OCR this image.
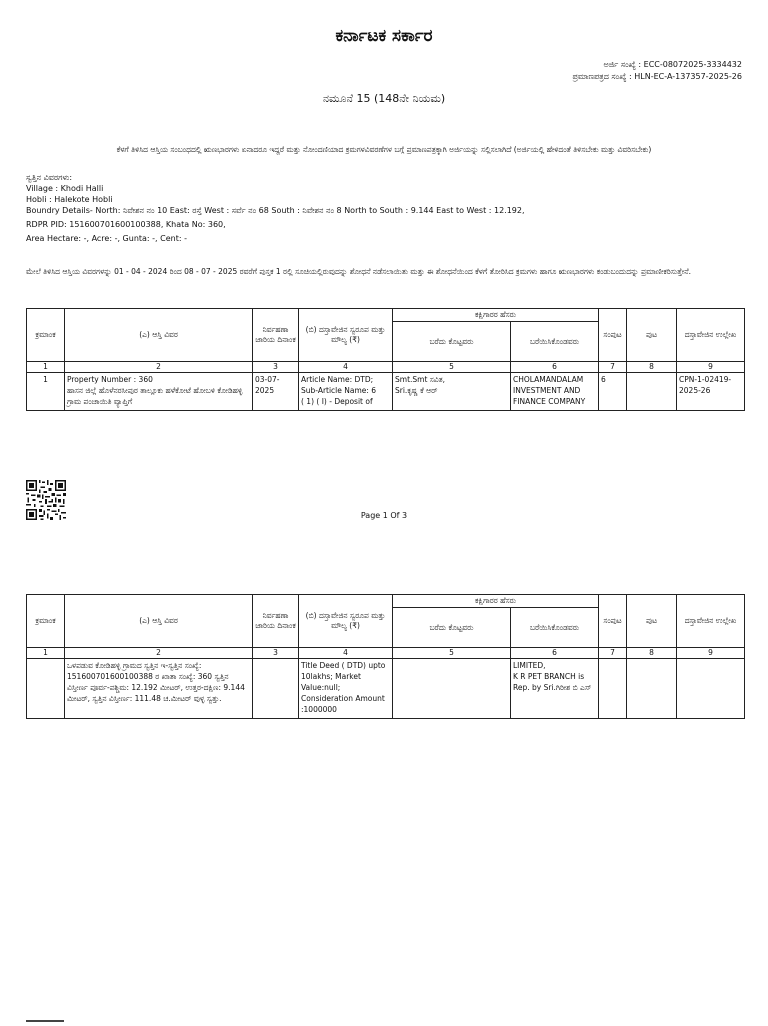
ಕರ್ನಾಟಕ ಸರ್ಕಾರ
ಅರ್ಜಿ ಸಂಖ್ಯೆ : ECC-08072025-3334432
ಪ್ರಮಾಣಪತ್ರದ ಸಂಖ್ಯೆ : HLN-EC-A-137357-2025-26
ನಮೂನೆ 15 (148ನೇ ನಿಯಮ)
ಕೆಳಗೆ ತಿಳಿಸಿದ ಆಸ್ತಿಯ ಸಂಬಂಧದಲ್ಲಿ ಋಣಭಾರಗಳು ಏನಾದರೂ ಇದ್ದರೆ ಮತ್ತು ನೋಂದಣಿಯಾದ ಕ್ರಮಗಳವಿವರಣೆಗಳ ಬಗ್ಗೆ ಪ್ರಮಾಣಪತ್ರಕ್ಕಾಗಿ ಅರ್ಜಿಯನ್ನು ಸಲ್ಲಿಸಲಾಗಿದೆ (ಅರ್ಜಿಯಲ್ಲಿ ಹೇಳಿದಂತೆ ತಿಳಿಸಬೇಕು ಮತ್ತು ವಿವರಿಸಬೇಕು)
ಸ್ವತ್ತಿನ ವಿವರಗಳು:
Village : Khodi Halli
Hobli : Halekote Hobli
Boundry Details- North: ನಿವೇಶನ ನಂ 10 East: ರಸ್ತೆ West : ಸರ್ವೆ ನಂ 68 South : ನಿವೇಶನ ನಂ 8 North to South : 9.144 East to West : 12.192,
RDPR PID: 151600701600100388, Khata No: 360,
Area Hectare: -, Acre: -, Gunta: -, Cent: -
ಮೇಲೆ ತಿಳಿಸಿದ ಆಸ್ತಿಯ ವಿವರಗಳನ್ನು 01 - 04 - 2024 ರಿಂದ 08 - 07 - 2025 ರವರೆಗೆ ಪುಸ್ತಕ 1 ರಲ್ಲಿ ಸೂಚಿಯಲ್ಲಿರುವುದನ್ನು ಶೋಧನೆ ನಡೆಸಲಾಯಿತು ಮತ್ತು ಈ ಶೋಧನೆಯಿಂದ ಕೆಳಗೆ ತೋರಿಸಿದ ಕ್ರಮಗಳು ಹಾಗೂ ಋಣಭಾರಗಳು ಕಂಡುಬಂದುದನ್ನು ಪ್ರಮಾಣೀಕರಿಸುತ್ತೇನೆ.
ಕ್ರಮಾಂಕ	(ಎ) ಆಸ್ತಿ ವಿವರ	ನಿರ್ವಹಣಾ ಜಾರಿಯ ದಿನಾಂಕ	(ಬಿ) ದಸ್ತಾವೇಜಿನ ಸ್ವರೂಪ ಮತ್ತು ಮೌಲ್ಯ (₹)	ಕಕ್ಷಿಗಾರರ ಹೆಸರು		ಸಂಪುಟ	ಪುಟ	ದಸ್ತಾವೇಜಿನ ಉಲ್ಲೇಖ
				ಬರೆದು ಕೊಟ್ಟವರು	ಬರೆಯಿಸಿಕೊಂಡವರು			
1	2	3	4	5	6	7	8	9
1	Property Number : 360
ಹಾಸನ ಜಿಲ್ಲೆ ಹೊಳೆನರಸೀಪುರ ತಾಲ್ಲೂಕು ಹಳೆಕೋಟೆ ಹೋಬಳಿ ಕೋಡಿಹಳ್ಳಿ ಗ್ರಾಮ ಪಂಚಾಯಿತಿ ವ್ಯಾಪ್ತಿಗೆ	03-07-2025	Article Name: DTD;
Sub-Article Name: 6
( 1) ( I) - Deposit of	Smt.Smt ಸವಿತ,
Sri.ಕೃಷ್ಣ ಕೆ ಆರ್	CHOLAMANDALAM INVESTMENT AND FINANCE COMPANY	6		CPN-1-02419-2025-26
Page 1 Of 3
ಕ್ರಮಾಂಕ	(ಎ) ಆಸ್ತಿ ವಿವರ	ನಿರ್ವಹಣಾ ಜಾರಿಯ ದಿನಾಂಕ	(ಬಿ) ದಸ್ತಾವೇಜಿನ ಸ್ವರೂಪ ಮತ್ತು ಮೌಲ್ಯ (₹)	ಕಕ್ಷಿಗಾರರ ಹೆಸರು		ಸಂಪುಟ	ಪುಟ	ದಸ್ತಾವೇಜಿನ ಉಲ್ಲೇಖ
				ಬರೆದು ಕೊಟ್ಟವರು	ಬರೆಯಿಸಿಕೊಂಡವರು			
1	2	3	4	5	6	7	8	9
	ಒಳಪಡುವ ಕೋಡಿಹಳ್ಳಿ ಗ್ರಾಮದ ಸ್ವತ್ತಿನ ಇ-ಸ್ವತ್ತಿನ ಸಂಖ್ಯೆ: 151600701600100388 ರ ಖಾತಾ ಸಂಖ್ಯೆ: 360 ಸ್ವತ್ತಿನ ವಿಸ್ತೀರ್ಣ ಪೂರ್ವ-ಪಶ್ಚಿಮ: 12.192 ಮೀಟರ್, ಉತ್ತರ-ದಕ್ಷಿಣ: 9.144 ಮೀಟರ್, ಸ್ವತ್ತಿನ ವಿಸ್ತೀರ್ಣ: 111.48 ಚ.ಮೀಟರ್ ವುಳ್ಳ ಸ್ವತ್ತು.		Title Deed ( DTD) upto 10lakhs; Market Value:null;
Consideration Amount :1000000		LIMITED,
K R PET BRANCH is Rep. by Sri.ಗಿರೀಶ ಬಿ ಎಸ್			
